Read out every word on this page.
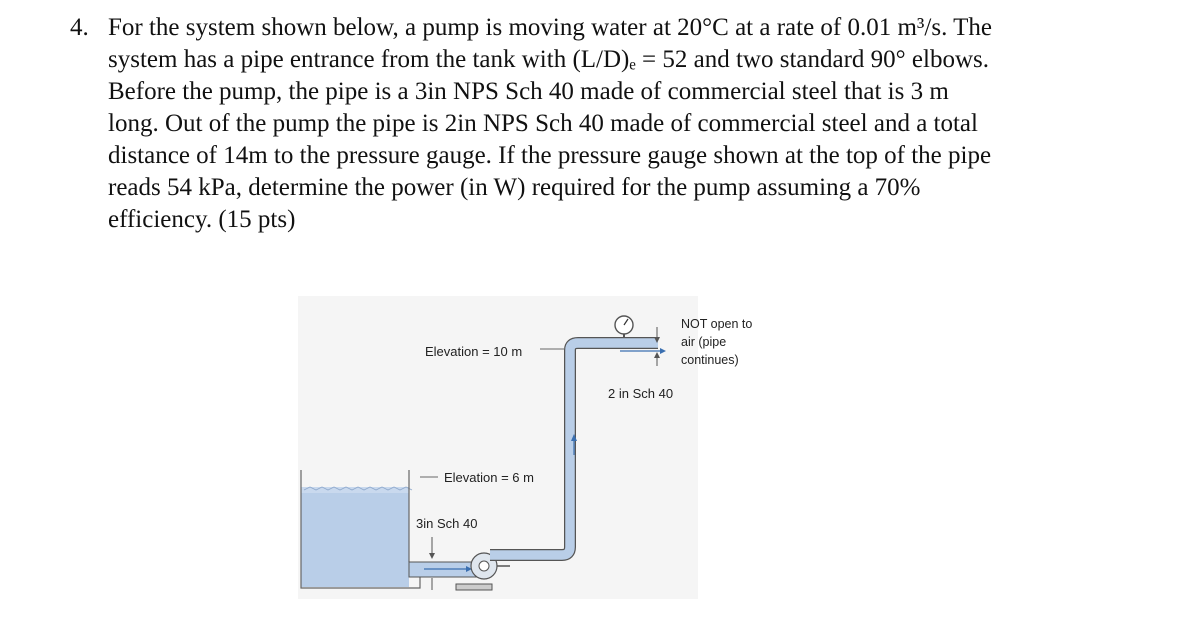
4. For the system shown below, a pump is moving water at 20°C at a rate of 0.01 m³/s. The
system has a pipe entrance from the tank with (L/D)ₑ = 52 and two standard 90° elbows.
Before the pump, the pipe is a 3in NPS Sch 40 made of commercial steel that is 3 m
long. Out of the pump the pipe is 2in NPS Sch 40 made of commercial steel and a total
distance of 14m to the pressure gauge. If the pressure gauge shown at the top of the pipe
reads 54 kPa, determine the power (in W) required for the pump assuming a 70%
efficiency. (15 pts)
Elevation = 10 m
Elevation = 6 m
3in Sch 40
2 in Sch 40
NOT open to
air (pipe
continues)
